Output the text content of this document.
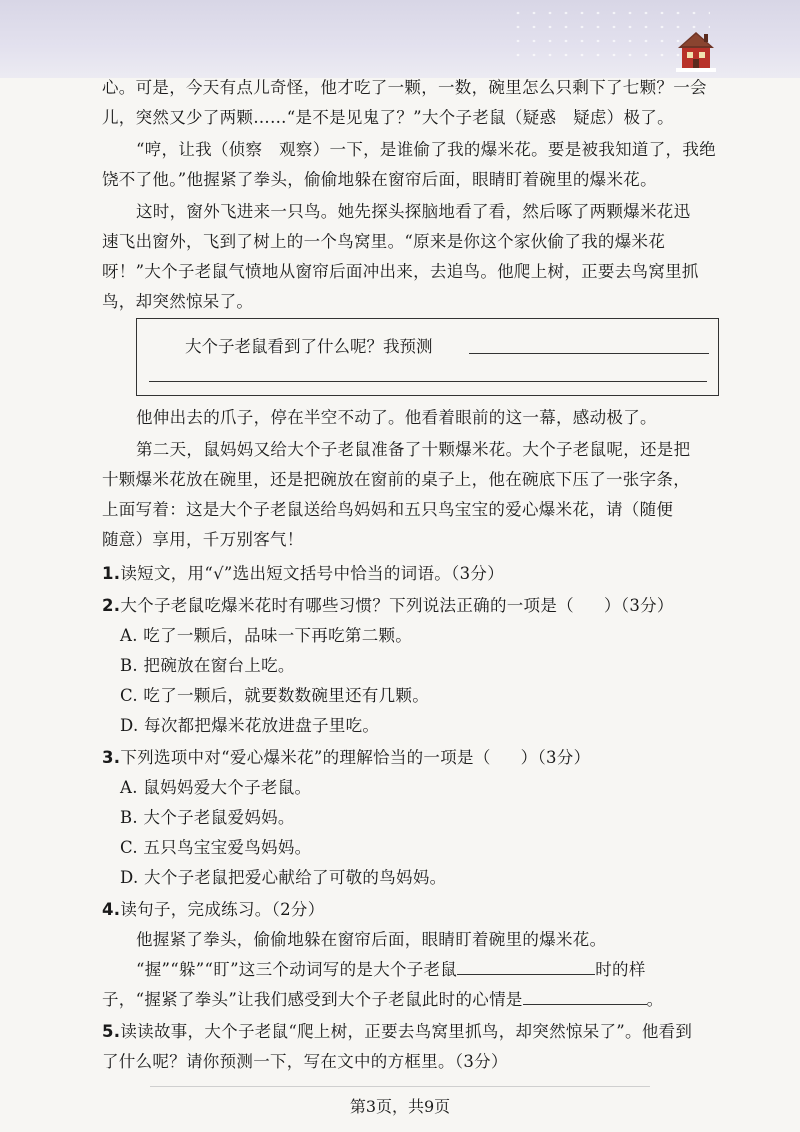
心。可是，今天有点儿奇怪，他才吃了一颗，一数，碗里怎么只剩下了七颗？一会
儿，突然又少了两颗……“是不是见鬼了？”大个子老鼠（疑惑　疑虑）极了。
“哼，让我（侦察　观察）一下，是谁偷了我的爆米花。要是被我知道了，我绝
饶不了他。”他握紧了拳头，偷偷地躲在窗帘后面，眼睛盯着碗里的爆米花。
这时，窗外飞进来一只鸟。她先探头探脑地看了看，然后啄了两颗爆米花迅
速飞出窗外，飞到了树上的一个鸟窝里。“原来是你这个家伙偷了我的爆米花
呀！”大个子老鼠气愤地从窗帘后面冲出来，去追鸟。他爬上树，正要去鸟窝里抓
鸟，却突然惊呆了。
大个子老鼠看到了什么呢？我预测
他伸出去的爪子，停在半空不动了。他看着眼前的这一幕，感动极了。
第二天，鼠妈妈又给大个子老鼠准备了十颗爆米花。大个子老鼠呢，还是把
十颗爆米花放在碗里，还是把碗放在窗前的桌子上，他在碗底下压了一张字条，
上面写着：这是大个子老鼠送给鸟妈妈和五只鸟宝宝的爱心爆米花，请（随便
随意）享用，千万别客气！
1.读短文，用“√”选出短文括号中恰当的词语。（3分）
2.大个子老鼠吃爆米花时有哪些习惯？下列说法正确的一项是（ ）（3分）
A. 吃了一颗后，品味一下再吃第二颗。
B. 把碗放在窗台上吃。
C. 吃了一颗后，就要数数碗里还有几颗。
D. 每次都把爆米花放进盘子里吃。
3.下列选项中对“爱心爆米花”的理解恰当的一项是（ ）（3分）
A. 鼠妈妈爱大个子老鼠。
B. 大个子老鼠爱妈妈。
C. 五只鸟宝宝爱鸟妈妈。
D. 大个子老鼠把爱心献给了可敬的鸟妈妈。
4.读句子，完成练习。（2分）
他握紧了拳头，偷偷地躲在窗帘后面，眼睛盯着碗里的爆米花。
“握”“躲”“盯”这三个动词写的是大个子老鼠	时的样
子，“握紧了拳头”让我们感受到大个子老鼠此时的心情是	。
5.读读故事，大个子老鼠“爬上树，正要去鸟窝里抓鸟，却突然惊呆了”。他看到
了什么呢？请你预测一下，写在文中的方框里。（3分）
第3页，共9页
